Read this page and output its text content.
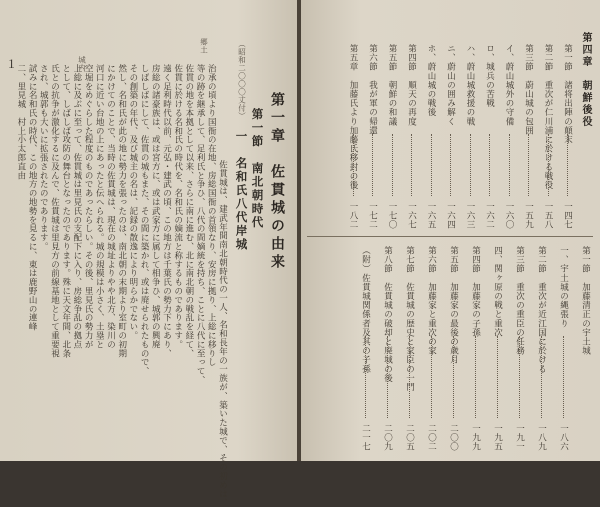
（昭和二〇〇〇丈付）
郷土
城内
１
第一章　佐貫城の由来
第一節　南北朝時代
一　名和氏八代岸城
佐貫城は、建武年間南北朝時代の一人、名和長年の一族が、築いた城で、その初めは、
治承の頃より国衙の在地、房総国衙の首領なり、安房に拠り、上総に移りし
等の跡を継承して、足利氏と争ひ、八代の間嫡統を持ち、ことに八代に至って、
佐貫の地を本拠として以来、さらに南に進む、北に南北朝の戦乱を経て、
佐貫に於ける名和氏の時代を、名和氏の嫡流と称するものであります。
遠く足利時代以前、元弘・建武の頃、この地方は千葉氏の勢力下にあり、
房総の諸豪族は、或は宮方に、或は武家方に属して相争ひ、城郭の興廃
しばしばにして、佐貫の城もまた、その間に築かれ、或は廃せられたもので、
その創築の年代、及び城主の名は、記録の散逸により明らかでない。
然し、名和氏が此の地に勢力を張ったのは、南北朝の末期より室町の初期
にかけてのことで、当時の佐貫城は、現在の城址よりやや北方、染川の
河口に近い台地の上にあったと伝へられる。城の規模は小さく、土塁と
空堀をめぐらした程度のものであったらしい。その後、里見氏の勢力が
上総に及ぶに至って、佐貫城は里見氏の支配下に入り、房総争乱の拠点
として、しばしば攻防の舞台となったのであります。殊に天文年間、北条
氏との抗争が激化するに及んで、佐貫城は里見方の前線基地として重要視
され、城郭も大いに拡張されたのであります。
試みに名和氏の時代、この地方の地勢を見るに、東は鹿野山の連峰
二、里見城　村上小太郎直由	第四章　朝鮮後役
第一節　諸将出陣の顛末
一四七
第二節　重次が仁川浦に於ける戦役
一五八
第三節　蔚山城の包囲
一五九
イ、蔚山城外の守備
一六〇
ロ、城兵の苦戦
一六二
ハ、蔚山城救援の戦
一六三
ニ、蔚山の囲み解く
一六四
ホ、蔚山城の戦後
一六五
第四節　順天の再度
一六七
第五節　朝鮮の和議
一七〇
第六節　我が軍の帰還
一七二
第五章　加藤氏より加藤氏移封の後
一八二
第一節　加藤清正の宇土城
一、宇土城の縄張り
一八六
第二節　重次が近江国に於ける
一八九
第三節　重次の重臣の任務
一九一
四、関ヶ原の戦と重次
一九五
第四節　加藤家の子孫
一九九
第五節　加藤家の最後の歳月
二〇〇
第六節　加藤家と重次の家
二〇二
第七節　佐貫城の歴史と家臣の一門
二〇五
第八節　佐貫城の破却と廃城の後
二〇九
（附）佐貫城関係者及其の子孫
二一七
